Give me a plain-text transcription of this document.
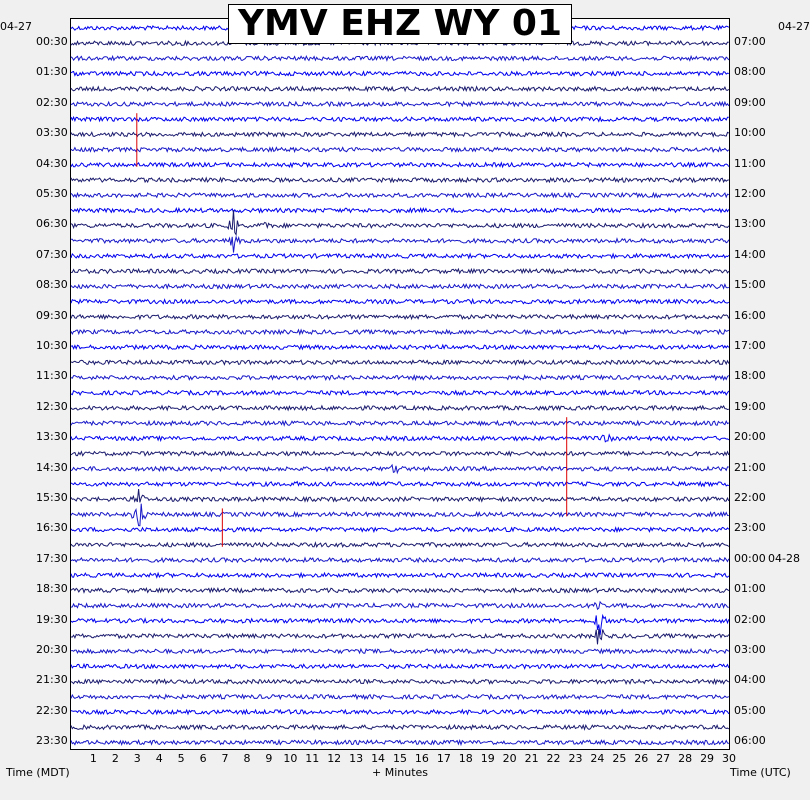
YMV EHZ WY 01
04-27	04-27
00:30
01:30
02:30
03:30
04:30
05:30
06:30
07:30
08:30
09:30
10:30
11:30
12:30
13:30
14:30
15:30
16:30
17:30
18:30
19:30
20:30
21:30
22:30
23:30
07:00
08:00
09:00
10:00
11:00
12:00
13:00
14:00
15:00
16:00
17:00
18:00
19:00
20:00
21:00
22:00
23:00
00:00 04-28
01:00
02:00
03:00
04:00
05:00
06:00
1 2 3 4 5 6 7 8 9 10 11 12 13 14 15 16 17 18 19 20 21 22 23 24 25 26 27 28 29 30
Time (MDT)	+ Minutes	Time (UTC)
